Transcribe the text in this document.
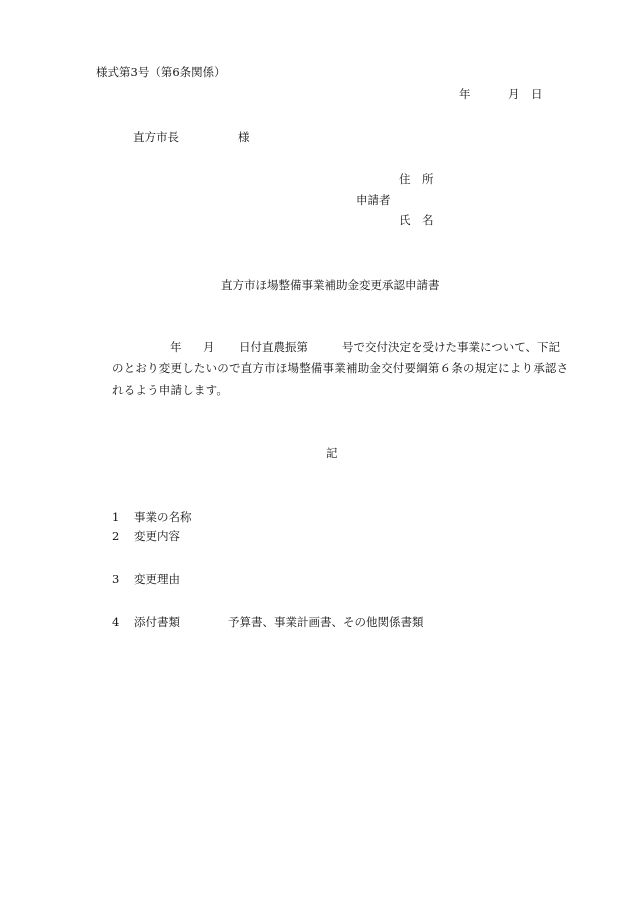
様式第3号（第6条関係）
年	月 日
直方市長	様
住　所
申請者
氏　名
直方市ほ場整備事業補助金変更承認申請書
年 月 日付直農振第	号で交付決定を受けた事業について、下記
のとおり変更したいので直方市ほ場整備事業補助金交付要綱第６条の規定により承認さ
れるよう申請します。
記
1 事業の名称
2 変更内容
3 変更理由
4 添付書類	予算書、事業計画書、その他関係書類
